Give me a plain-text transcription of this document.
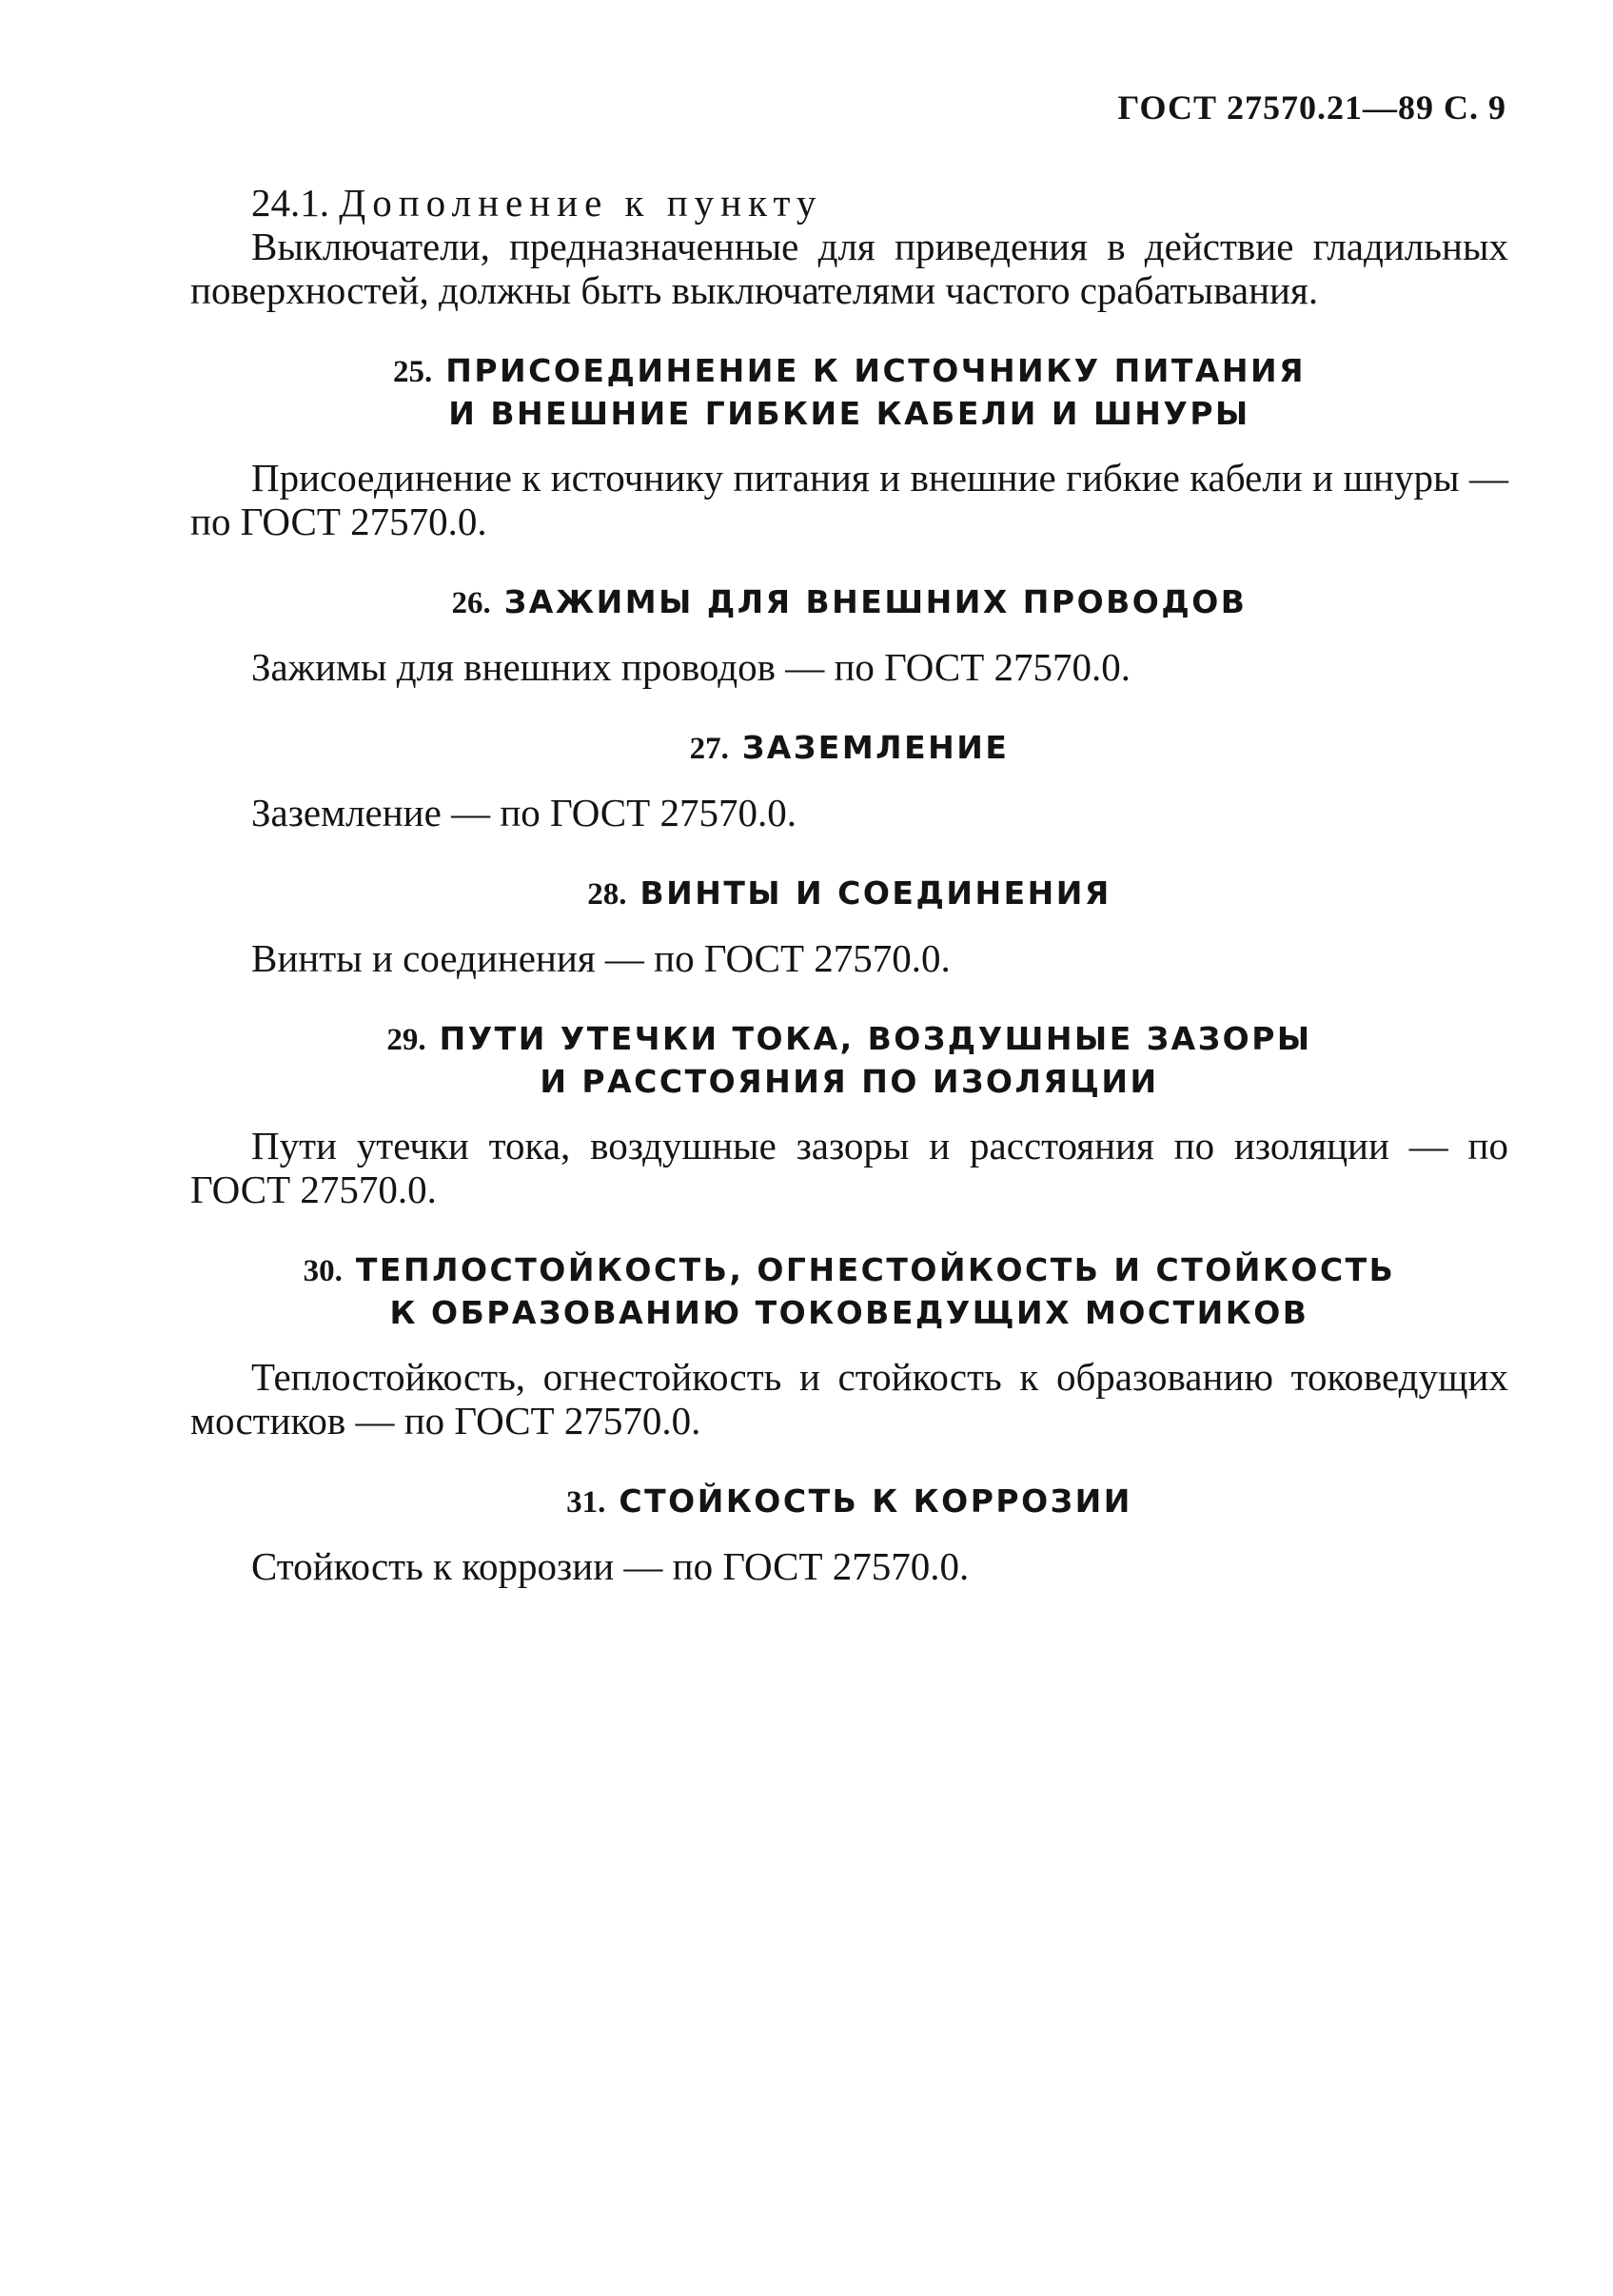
ГОСТ 27570.21—89 С. 9

24.1. Дополнение к пункту

Выключатели, предназначенные для приведения в действие гладильных поверхностей, должны быть выключателями частого срабатывания.

25. ПРИСОЕДИНЕНИЕ К ИСТОЧНИКУ ПИТАНИЯ

И ВНЕШНИЕ ГИБКИЕ КАБЕЛИ И ШНУРЫ

Присоединение к источнику питания и внешние гибкие кабели и шнуры — по ГОСТ 27570.0.

26. ЗАЖИМЫ ДЛЯ ВНЕШНИХ ПРОВОДОВ

Зажимы для внешних проводов — по ГОСТ 27570.0.

27. ЗАЗЕМЛЕНИЕ

Заземление — по ГОСТ 27570.0.

28. ВИНТЫ И СОЕДИНЕНИЯ

Винты и соединения — по ГОСТ 27570.0.

29. ПУТИ УТЕЧКИ ТОКА, ВОЗДУШНЫЕ ЗАЗОРЫ

И РАССТОЯНИЯ ПО ИЗОЛЯЦИИ

Пути утечки тока, воздушные зазоры и расстояния по изоляции — по ГОСТ 27570.0.

30. ТЕПЛОСТОЙКОСТЬ, ОГНЕСТОЙКОСТЬ И СТОЙКОСТЬ

К ОБРАЗОВАНИЮ ТОКОВЕДУЩИХ МОСТИКОВ

Теплостойкость, огнестойкость и стойкость к образованию токоведущих мостиков — по ГОСТ 27570.0.

31. СТОЙКОСТЬ К КОРРОЗИИ

Стойкость к коррозии — по ГОСТ 27570.0.
